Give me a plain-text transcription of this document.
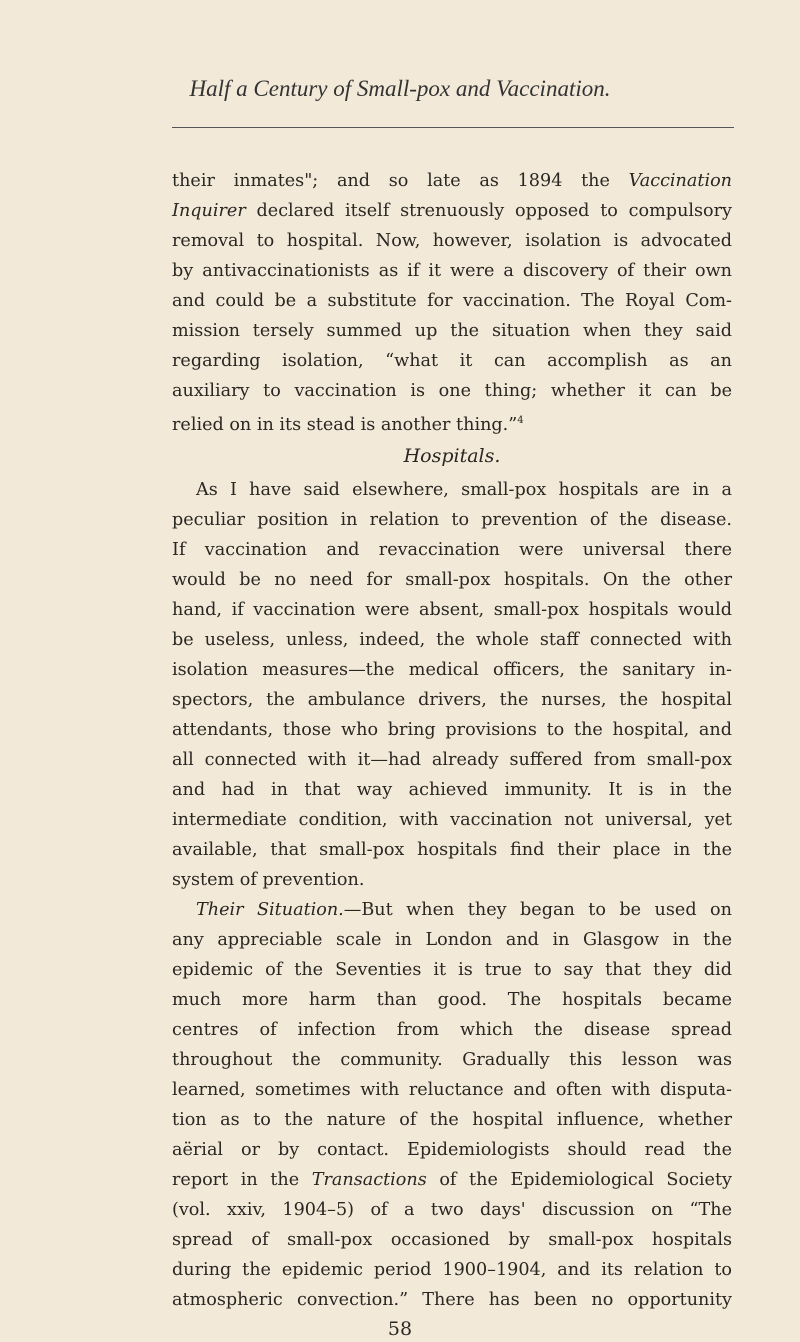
Half a Century of Small-pox and Vaccination.
their inmates"; and so late as 1894 the Vaccination
Inquirer declared itself strenuously opposed to compulsory
removal to hospital. Now, however, isolation is advocated
by antivaccinationists as if it were a discovery of their own
and could be a substitute for vaccination. The Royal Com-
mission tersely summed up the situation when they said
regarding isolation, “what it can accomplish as an
auxiliary to vaccination is one thing; whether it can be
relied on in its stead is another thing.”$^4$
Hospitals.
As I have said elsewhere, small-pox hospitals are in a
peculiar position in relation to prevention of the disease.
If vaccination and revaccination were universal there
would be no need for small-pox hospitals. On the other
hand, if vaccination were absent, small-pox hospitals would
be useless, unless, indeed, the whole staff connected with
isolation measures—the medical officers, the sanitary in-
spectors, the ambulance drivers, the nurses, the hospital
attendants, those who bring provisions to the hospital, and
all connected with it—had already suffered from small-pox
and had in that way achieved immunity. It is in the
intermediate condition, with vaccination not universal, yet
available, that small-pox hospitals find their place in the
system of prevention.
Their Situation.—But when they began to be used on
any appreciable scale in London and in Glasgow in the
epidemic of the Seventies it is true to say that they did
much more harm than good. The hospitals became
centres of infection from which the disease spread
throughout the community. Gradually this lesson was
learned, sometimes with reluctance and often with disputa-
tion as to the nature of the hospital influence, whether
aërial or by contact. Epidemiologists should read the
report in the Transactions of the Epidemiological Society
(vol. xxiv, 1904–5) of a two days' discussion on “The
spread of small-pox occasioned by small-pox hospitals
during the epidemic period 1900–1904, and its relation to
atmospheric convection.” There has been no opportunity
58
